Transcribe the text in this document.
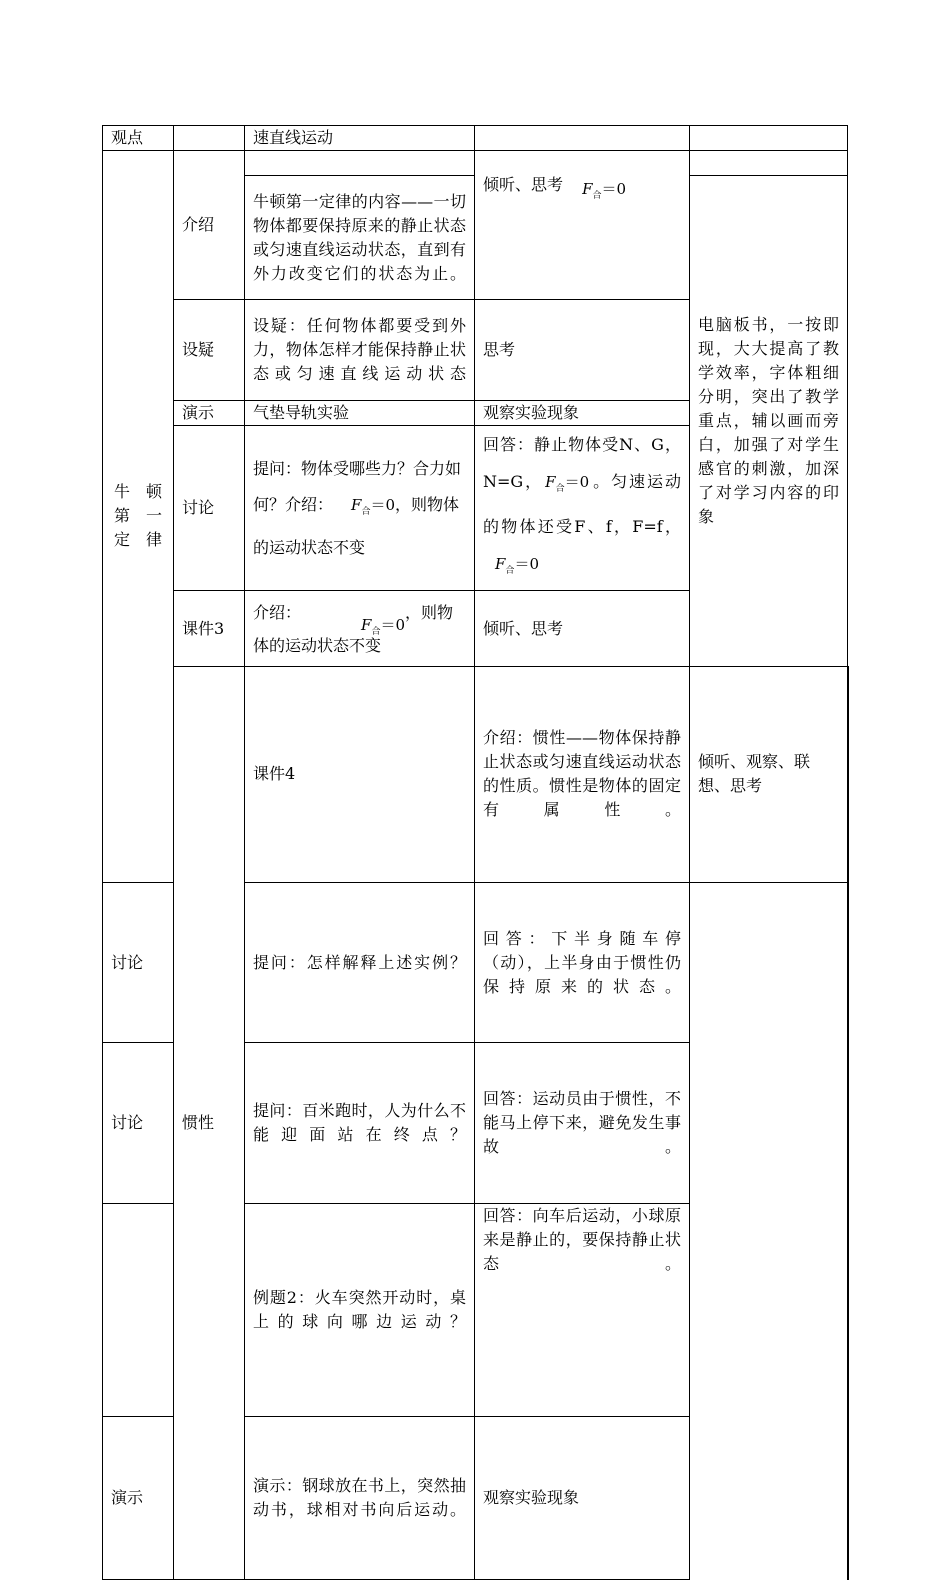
观点		速直线运动			
牛 顿
第 一
定律	介绍		倾听、思考 $F_合=0$		
		牛顿第一定律的内容——一切物体都要保持原来的静止状态或匀速直线运动状态，直到有外力改变它们的状态为止。		电脑板书，一按即现，大大提高了教学效率，字体粗细分明，突出了教学重点，辅以画而旁白，加强了对学生感官的刺激，加深了对学习内容的印象	
	设疑	设疑：任何物体都要受到外力，物体怎样才能保持静止状态或匀速直线运动状态	思考		
	演示	气垫导轨实验	观察实验现象		
	讨论	提问：物体受哪些力？合力如何？介绍： $F_合=0$，则物体的运动状态不变	回答：静止物体受N、G，N=G， $F_合=0$ 。匀速运动的物体还受F、f，F=f，$F_合=0$		
	课件3	介绍：$F_合=0$，则物体的运动状态不变	倾听、思考		
	惯性	课件4	介绍：惯性——物体保持静止状态或匀速直线运动状态的性质。惯性是物体的固定有属性。	倾听、观察、联想、思考	
讨论		提问：怎样解释上述实例？	回答：下半身随车停（动），上半身由于惯性仍保持原来的状态。		
讨论		提问：百米跑时，人为什么不能迎面站在终点？	回答：运动员由于惯性，不能马上停下来，避免发生事故。		
		例题2：火车突然开动时，桌上的球向哪边运动？	回答：向车后运动，小球原来是静止的，要保持静止状态。		
演示		演示：钢球放在书上，突然抽动书，球相对书向后运动。	观察实验现象		
